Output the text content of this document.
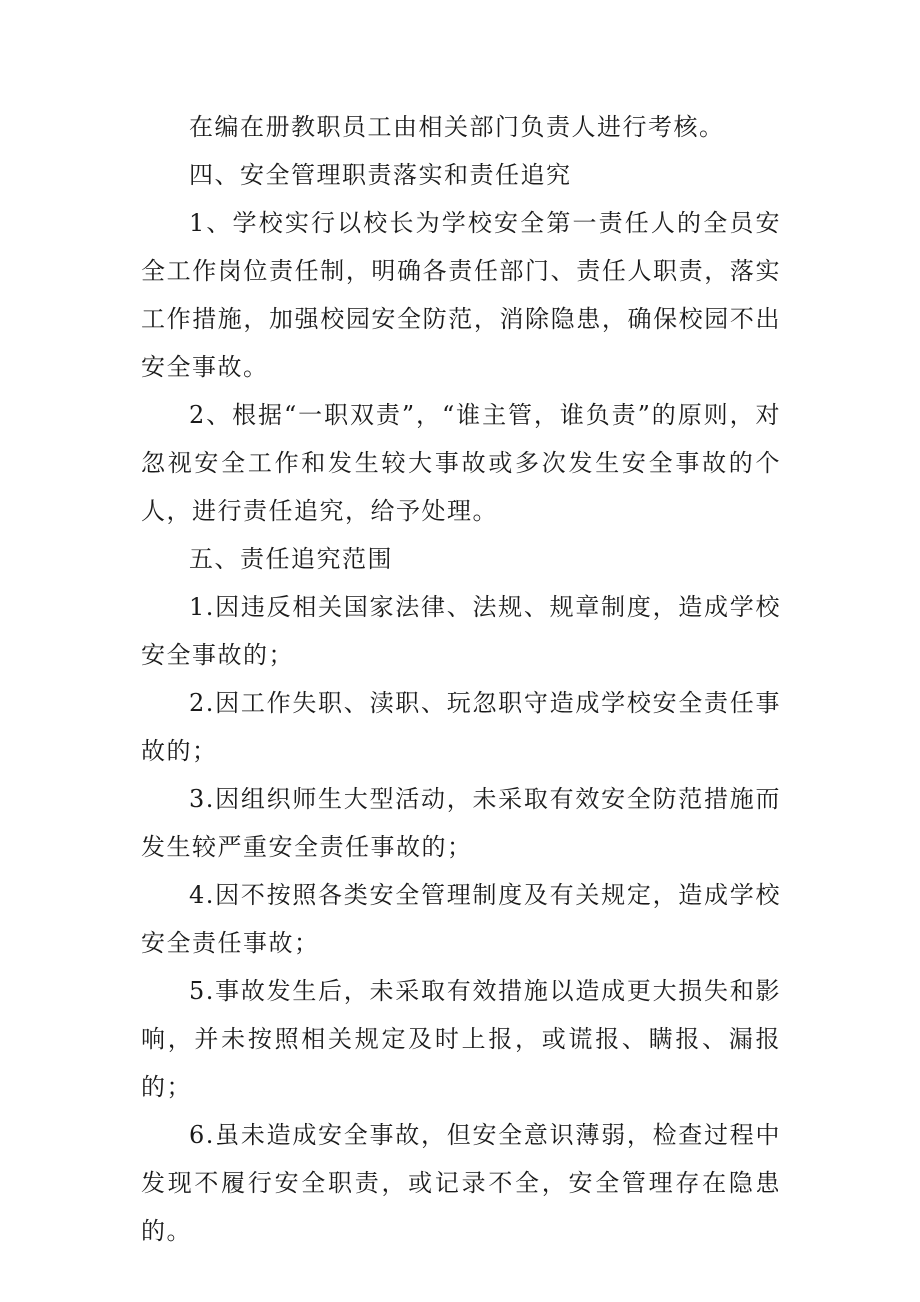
在编在册教职员工由相关部门负责人进行考核。

四、安全管理职责落实和责任追究

1、学校实行以校长为学校安全第一责任人的全员安全工作岗位责任制，明确各责任部门、责任人职责，落实工作措施，加强校园安全防范，消除隐患，确保校园不出安全事故。

2、根据“一职双责”，“谁主管，谁负责”的原则，对忽视安全工作和发生较大事故或多次发生安全事故的个人，进行责任追究，给予处理。

五、责任追究范围

1.因违反相关国家法律、法规、规章制度，造成学校安全事故的；

2.因工作失职、渎职、玩忽职守造成学校安全责任事故的；

3.因组织师生大型活动，未采取有效安全防范措施而发生较严重安全责任事故的；

4.因不按照各类安全管理制度及有关规定，造成学校安全责任事故；

5.事故发生后，未采取有效措施以造成更大损失和影响，并未按照相关规定及时上报，或谎报、瞒报、漏报的；

6.虽未造成安全事故，但安全意识薄弱，检查过程中发现不履行安全职责，或记录不全，安全管理存在隐患的。
